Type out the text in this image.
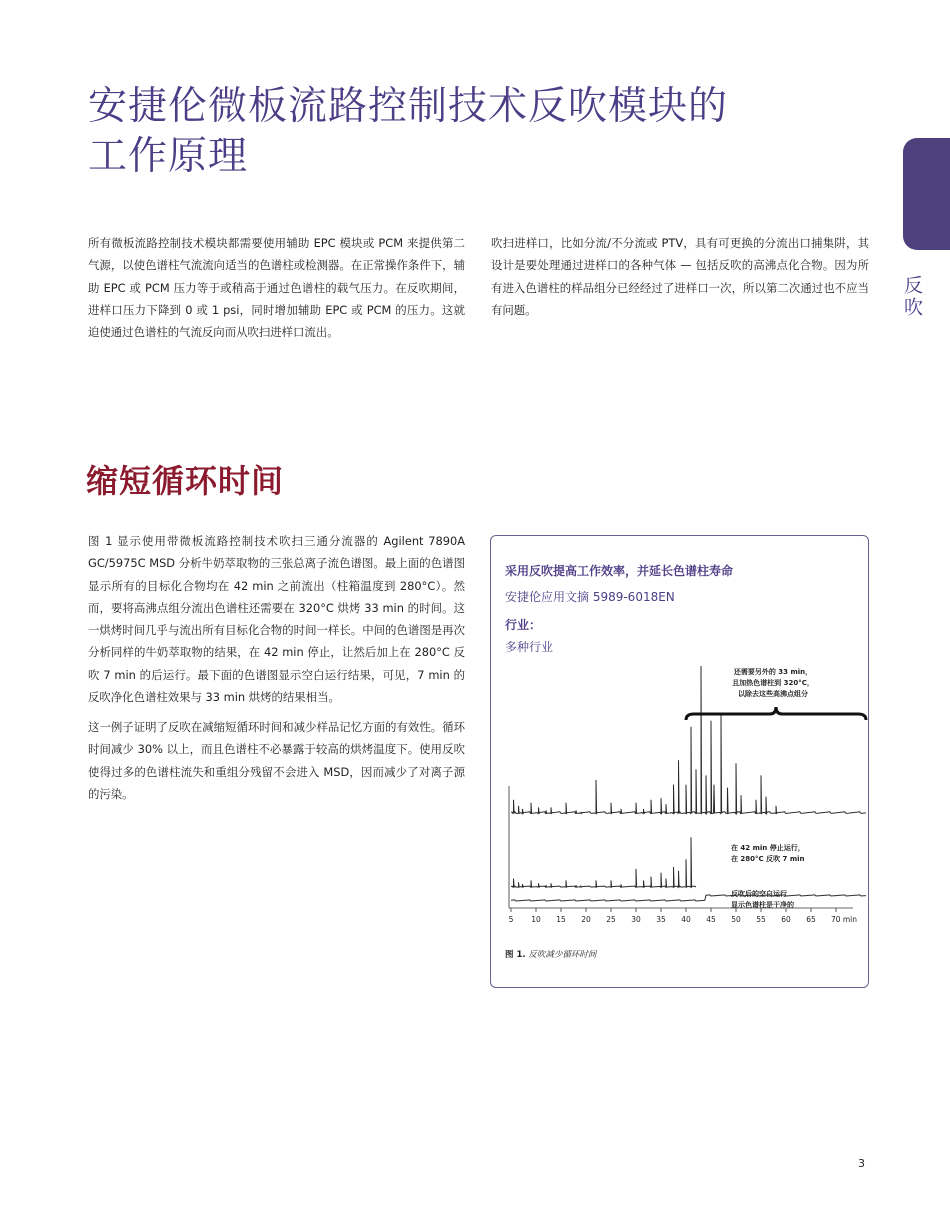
安捷伦微板流路控制技术反吹模块的
工作原理
反吹

所有微板流路控制技术模块都需要使用辅助 EPC 模块或 PCM 来提供第二气源，以使色谱柱气流流向适当的色谱柱或检测器。在正常操作条件下，辅助 EPC 或 PCM 压力等于或稍高于通过色谱柱的载气压力。在反吹期间，进样口压力下降到 0 或 1 psi，同时增加辅助 EPC 或 PCM 的压力。这就迫使通过色谱柱的气流反向而从吹扫进样口流出。

吹扫进样口，比如分流/不分流或 PTV，具有可更换的分流出口捕集阱，其设计是要处理通过进样口的各种气体 — 包括反吹的高沸点化合物。因为所有进入色谱柱的样品组分已经经过了进样口一次，所以第二次通过也不应当有问题。

缩短循环时间

图 1 显示使用带微板流路控制技术吹扫三通分流器的 Agilent 7890A GC/5975C MSD 分析牛奶萃取物的三张总离子流色谱图。最上面的色谱图显示所有的目标化合物均在 42 min 之前流出（柱箱温度到 280°C）。然而，要将高沸点组分流出色谱柱还需要在 320°C 烘烤 33 min 的时间。这一烘烤时间几乎与流出所有目标化合物的时间一样长。中间的色谱图是再次分析同样的牛奶萃取物的结果，在 42 min 停止，让然后加上在 280°C 反吹 7 min 的后运行。最下面的色谱图显示空白运行结果，可见，7 min 的反吹净化色谱柱效果与 33 min 烘烤的结果相当。

这一例子证明了反吹在减缩短循环时间和减少样品记忆方面的有效性。循环时间减少 30% 以上，而且色谱柱不必暴露于较高的烘烤温度下。使用反吹使得过多的色谱柱流失和重组分残留不会进入 MSD，因而减少了对离子源的污染。

采用反吹提高工作效率，并延长色谱柱寿命
安捷伦应用文摘 5989-6018EN
行业：
多种行业
5 10 15 20 25 30 35 40 45 50 55 60 65 70 min
还需要另外的 33 min，
且加热色谱柱到 320°C，
以除去这些高沸点组分
在 42 min 停止运行，
在 280°C 反吹 7 min
反吹后的空白运行
显示色谱柱是干净的
图 1. 反吹减少循环时间
3
